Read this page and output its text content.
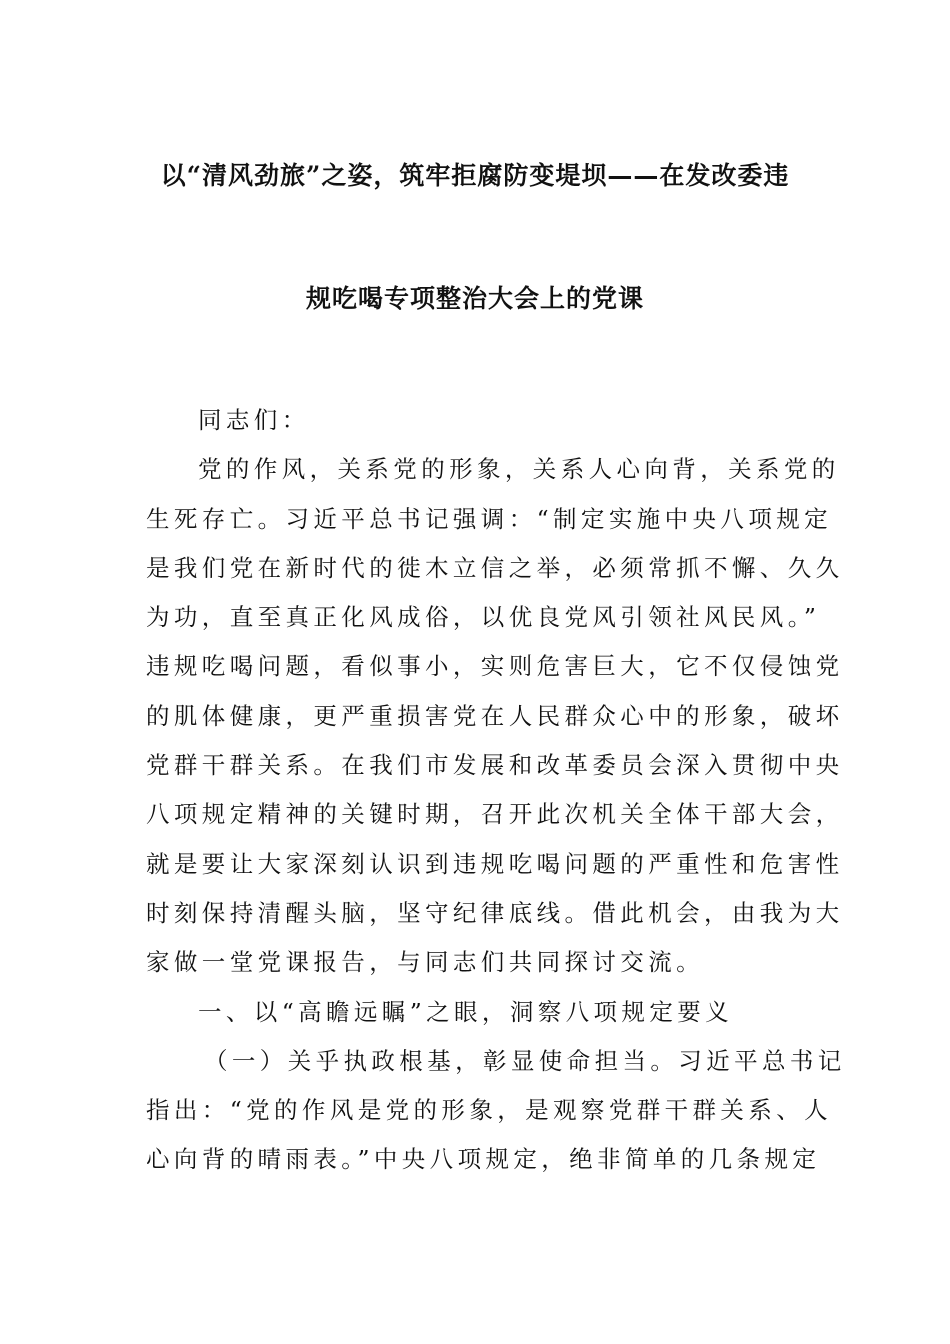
以“清风劲旅”之姿，筑牢拒腐防变堤坝——在发改委违
规吃喝专项整治大会上的党课
同志们：
党的作风，关系党的形象，关系人心向背，关系党的
生死存亡。习近平总书记强调：“制定实施中央八项规定
是我们党在新时代的徙木立信之举，必须常抓不懈、久久
为功，直至真正化风成俗，以优良党风引领社风民风。”
违规吃喝问题，看似事小，实则危害巨大，它不仅侵蚀党
的肌体健康，更严重损害党在人民群众心中的形象，破坏
党群干群关系。在我们市发展和改革委员会深入贯彻中央
八项规定精神的关键时期，召开此次机关全体干部大会，
就是要让大家深刻认识到违规吃喝问题的严重性和危害性
时刻保持清醒头脑，坚守纪律底线。借此机会，由我为大
家做一堂党课报告，与同志们共同探讨交流。
一、以“高瞻远瞩”之眼，洞察八项规定要义
（一）关乎执政根基，彰显使命担当。习近平总书记
指出：“党的作风是党的形象，是观察党群干群关系、人
心向背的晴雨表。”中央八项规定，绝非简单的几条规定
